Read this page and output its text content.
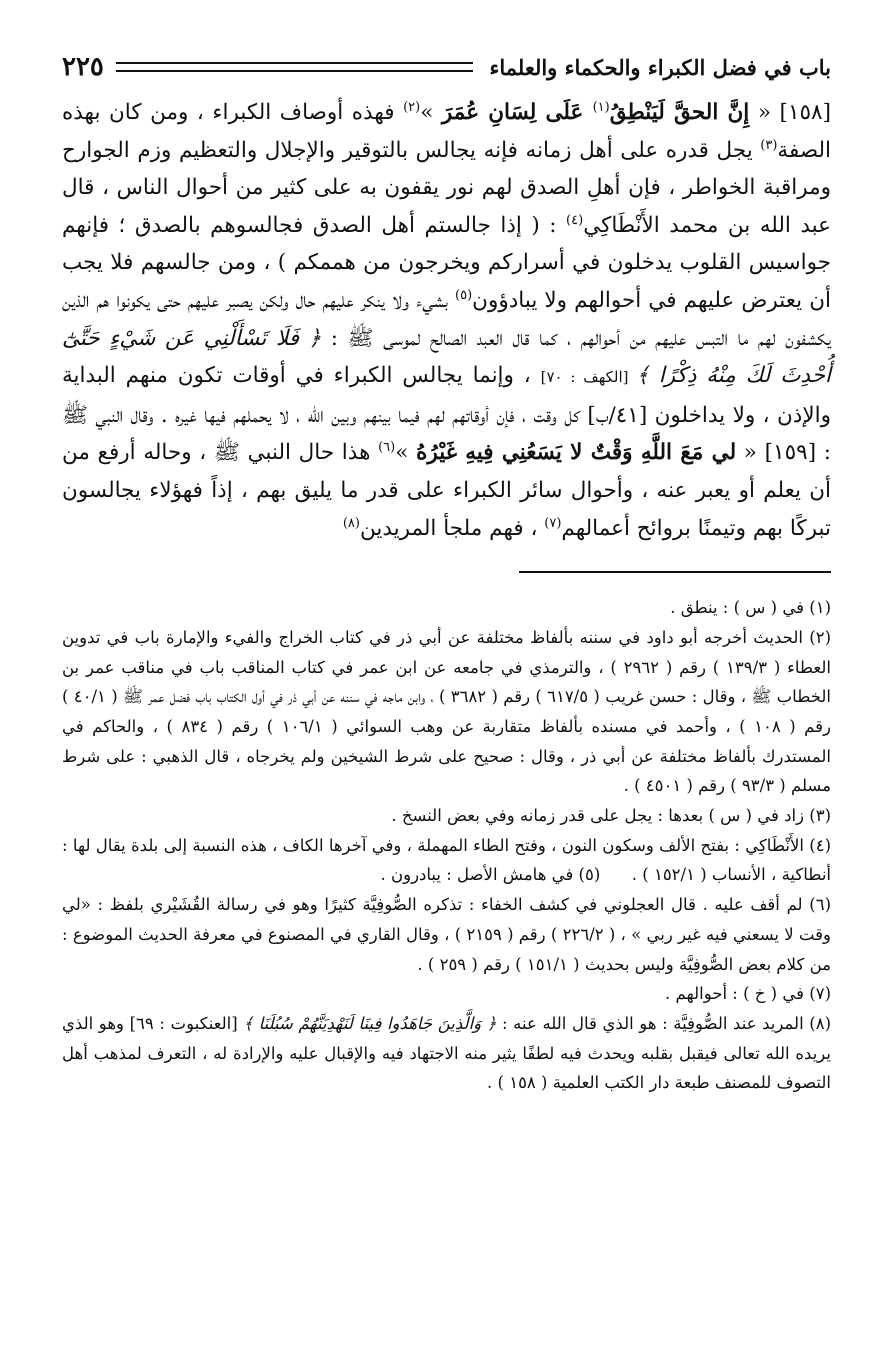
باب في فضل الكبراء والحكماء والعلماء
٢٢٥

[١٥٨] « إِنَّ الحقَّ لَيَنْطِقُ$^{(١)}$ عَلَى لِسَانِ عُمَرَ »$^{(٢)}$ فهذه أوصاف الكبراء ، ومن كان بهذه الصفة$^{(٣)}$ يجل قدره على أهل زمانه فإنه يجالس بالتوقير والإجلال والتعظيم وزم الجوارح ومراقبة الخواطر ، فإن أهلِ الصدق لهم نور يقفون به على كثير من أحوال الناس ، قال عبد الله بن محمد الأَنْطَاكِي$^{(٤)}$ : ( إذا جالستم أهل الصدق فجالسوهم بالصدق ؛ فإنهم جواسيس القلوب يدخلون في أسراركم ويخرجون من هممكم ) ، ومن جالسهم فلا يجب أن يعترض عليهم في أحوالهم ولا يبادؤون$^{(٥)}$ بشيء ولا ينكر عليهم حال ولكن يصبر عليهم حتى يكونوا هم الذين يكشفون لهم ما التبس عليهم من أحوالهم ، كما قال العبد الصالح لموسى ﷺ : ﴿ فَلَا تَسْأَلْنِي عَن شَيْءٍ حَتَّىٰٓ أُحْدِثَ لَكَ مِنْهُ ذِكْرًا ﴾ [الكهف : ٧٠] ، وإنما يجالس الكبراء في أوقات تكون منهم البداية والإذن ، ولا يداخلون [٤١/ب] كل وقت ، فإن أوقاتهم لهم فيما بينهم وبين الله ، لا يحملهم فيها غيره . وقال النبي ﷺ : [١٥٩] « لي مَعَ اللَّهِ وَقْتٌ لا يَسَعُنِي فِيهِ غَيْرُهُ »$^{(٦)}$ هذا حال النبي ﷺ ، وحاله أرفع من أن يعلم أو يعبر عنه ، وأحوال سائر الكبراء على قدر ما يليق بهم ، إذاً فهؤلاء يجالسون تبركًا بهم وتيمنًا بروائح أعمالهم$^{(٧)}$ ، فهم ملجأ المريدين$^{(٨)}$

(١) في ( س ) : ينطق .

(٢) الحديث أخرجه أبو داود في سننه بألفاظ مختلفة عن أبي ذر في كتاب الخراج والفيء والإمارة باب في تدوين العطاء ( ١٣٩/٣ ) رقم ( ٢٩٦٢ ) ، والترمذي في جامعه عن ابن عمر في كتاب المناقب باب في مناقب عمر بن الخطاب ﷺ ، وقال : حسن غريب ( ٦١٧/٥ ) رقم ( ٣٦٨٢ ) ، وابن ماجه في سننه عن أبي ذر في أول الكتاب باب فضل عمر ﷺ ( ٤٠/١ ) رقم ( ١٠٨ ) ، وأحمد في مسنده بألفاظ متقاربة عن وهب السوائي ( ١٠٦/١ ) رقم ( ٨٣٤ ) ، والحاكم في المستدرك بألفاظ مختلفة عن أبي ذر ، وقال : صحيح على شرط الشيخين ولم يخرجاه ، قال الذهبي : على شرط مسلم ( ٩٣/٣ ) رقم ( ٤٥٠١ ) .

(٣) زاد في ( س ) بعدها : يجل على قدر زمانه وفي بعض النسخ .

(٤) الأَنْطَاكِي : بفتح الألف وسكون النون ، وفتح الطاء المهملة ، وفي آخرها الكاف ، هذه النسبة إلى بلدة يقال لها : أنطاكية ، الأنساب ( ١٥٢/١ ) .      (٥) في هامش الأصل : يبادرون .

(٦) لم أقف عليه . قال العجلوني في كشف الخفاء : تذكره الصُّوفِيَّة كثيرًا وهو في رسالة القُشَيْري بلفظ : «لي وقت لا يسعني فيه غير ربي » ، ( ٢٢٦/٢ ) رقم ( ٢١٥٩ ) ، وقال القاري في المصنوع في معرفة الحديث الموضوع : من كلام بعض الصُّوفِيَّة وليس بحديث ( ١٥١/١ ) رقم ( ٢٥٩ ) .

(٧) في ( خ ) : أحوالهم .

(٨) المريد عند الصُّوفِيَّة : هو الذي قال الله عنه : ﴿ وَالَّذِينَ جَاهَدُوا فِينَا لَنَهْدِيَنَّهُمْ سُبُلَنَا ﴾ [العنكبوت : ٦٩] وهو الذي يريده الله تعالى فيقبل بقلبه ويحدث فيه لطفًا يثير منه الاجتهاد فيه والإقبال عليه والإرادة له ، التعرف لمذهب أهل التصوف للمصنف طبعة دار الكتب العلمية ( ١٥٨ ) .
